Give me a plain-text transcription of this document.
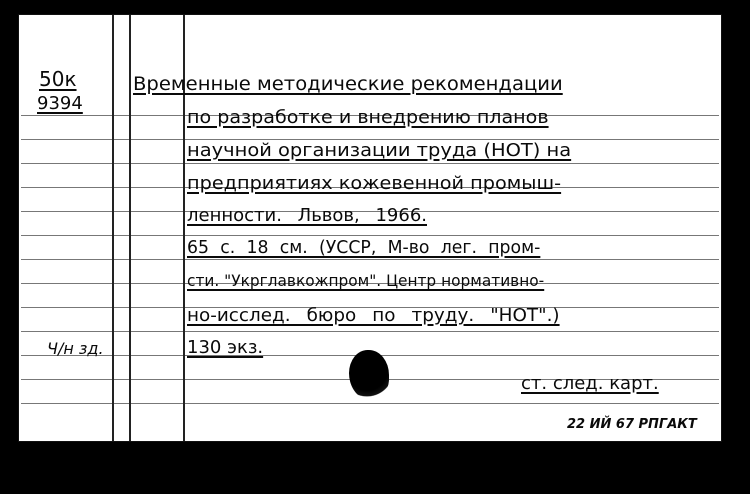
50к
9394
Ч/н зд.
Временные методические рекомендации
по разработке и внедрению планов
научной организации труда (НОТ) на
предприятиях кожевенной промыш-
ленности. Львов, 1966.
65 с. 18 см. (УССР, М-во лег. пром-
сти. "Укрглавкожпром". Центр нормативно-
но-исслед. бюро по труду. "НОТ".)
130 экз.
ст. след. карт.
22 ИЙ 67 РПГАКТ
